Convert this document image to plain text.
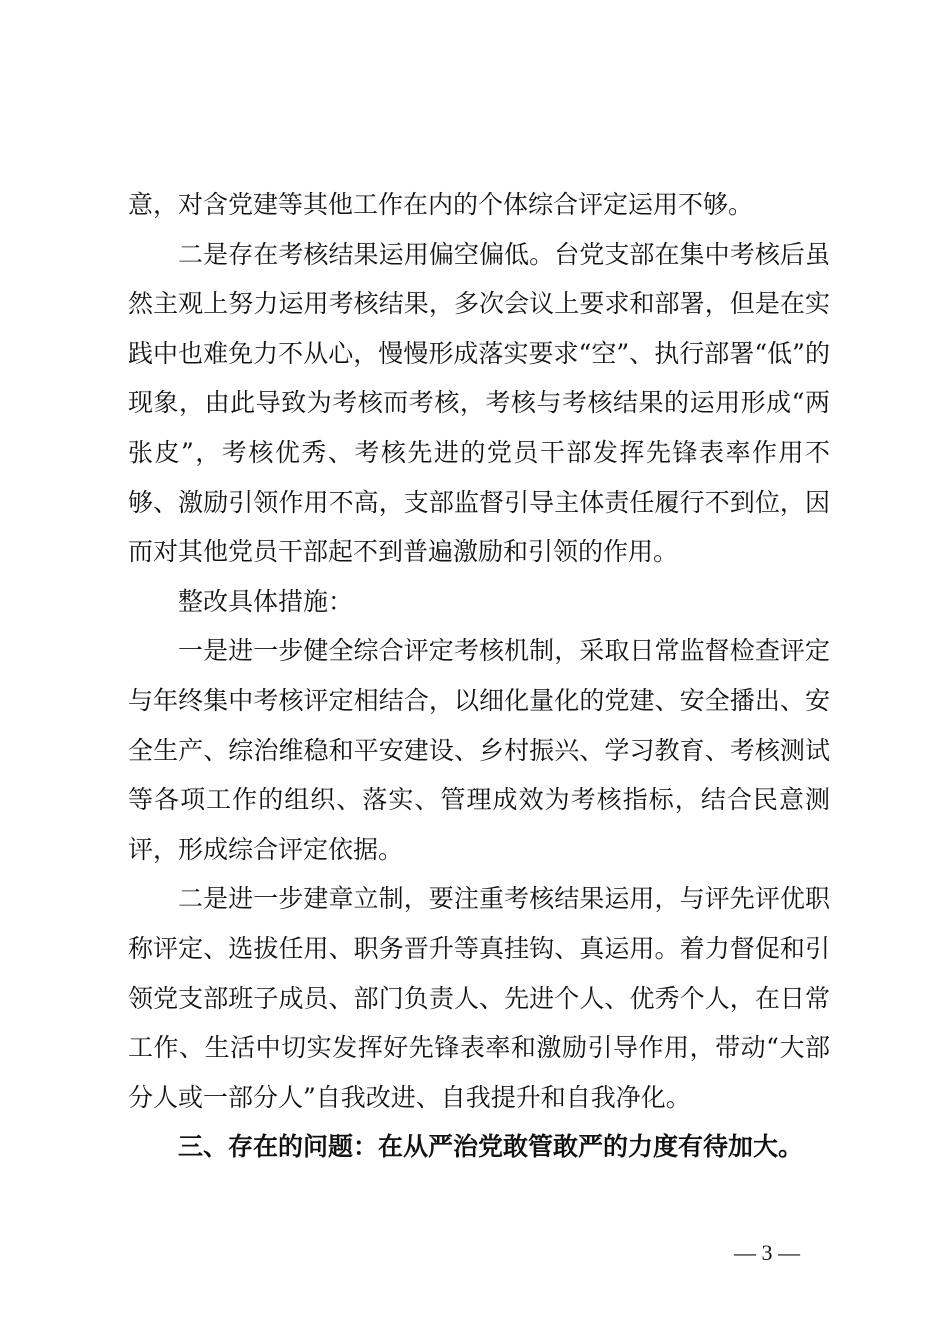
意，对含党建等其他工作在内的个体综合评定运用不够。

二是存在考核结果运用偏空偏低。台党支部在集中考核后虽然主观上努力运用考核结果，多次会议上要求和部署，但是在实践中也难免力不从心，慢慢形成落实要求“空”、执行部署“低”的现象，由此导致为考核而考核，考核与考核结果的运用形成“两张皮”，考核优秀、考核先进的党员干部发挥先锋表率作用不够、激励引领作用不高，支部监督引导主体责任履行不到位，因而对其他党员干部起不到普遍激励和引领的作用。

整改具体措施：

一是进一步健全综合评定考核机制，采取日常监督检查评定与年终集中考核评定相结合，以细化量化的党建、安全播出、安全生产、综治维稳和平安建设、乡村振兴、学习教育、考核测试等各项工作的组织、落实、管理成效为考核指标，结合民意测评，形成综合评定依据。

二是进一步建章立制，要注重考核结果运用，与评先评优职称评定、选拔任用、职务晋升等真挂钩、真运用。着力督促和引领党支部班子成员、部门负责人、先进个人、优秀个人，在日常工作、生活中切实发挥好先锋表率和激励引导作用，带动“大部分人或一部分人”自我改进、自我提升和自我净化。

三、存在的问题：在从严治党敢管敢严的力度有待加大。

— 3 —
